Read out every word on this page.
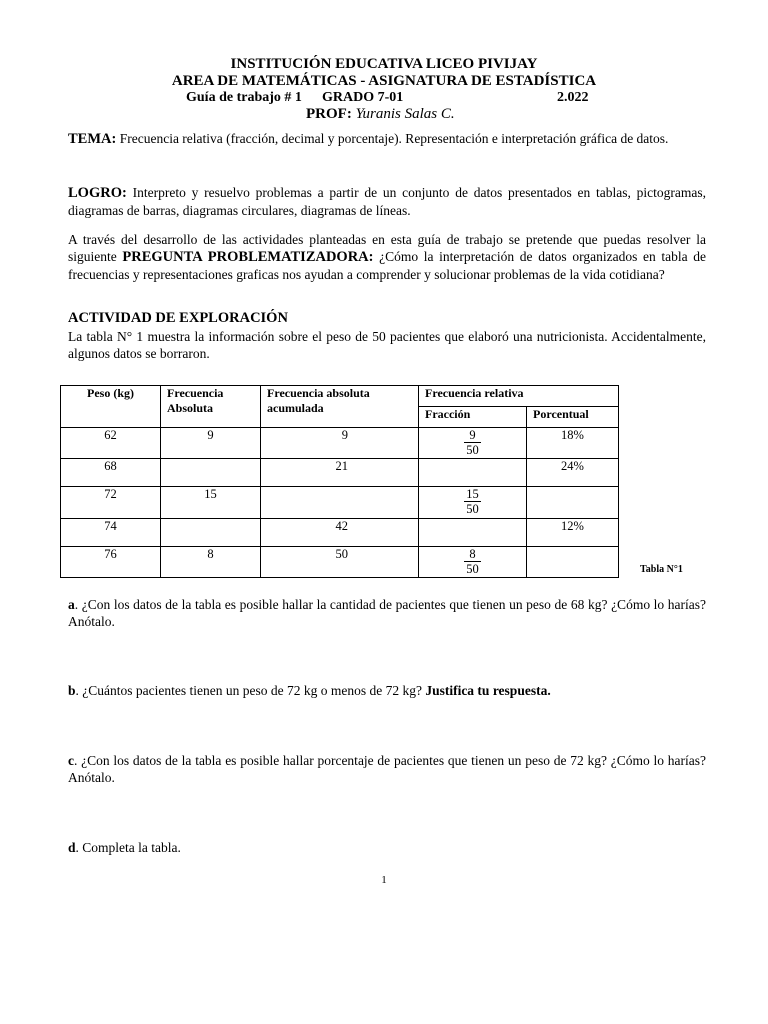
INSTITUCIÓN EDUCATIVA LICEO PIVIJAY
AREA DE MATEMÁTICAS - ASIGNATURA DE ESTADÍSTICA
Guía de trabajo # 1 GRADO 7-01	2.022
PROF: Yuranis Salas C.
TEMA: Frecuencia relativa (fracción, decimal y porcentaje). Representación e interpretación gráfica de datos.
LOGRO: Interpreto y resuelvo problemas a partir de un conjunto de datos presentados en tablas, pictogramas, diagramas de barras, diagramas circulares, diagramas de líneas.
A través del desarrollo de las actividades planteadas en esta guía de trabajo se pretende que puedas resolver la siguiente PREGUNTA PROBLEMATIZADORA: ¿Cómo la interpretación de datos organizados en tabla de frecuencias y representaciones graficas nos ayudan a comprender y solucionar problemas de la vida cotidiana?
ACTIVIDAD DE EXPLORACIÓN
La tabla N° 1 muestra la información sobre el peso de 50 pacientes que elaboró una nutricionista. Accidentalmente, algunos datos se borraron.
Peso (kg)	Frecuencia Absoluta	Frecuencia absoluta acumulada	Frecuencia relativa	
			Fracción	Porcentual
62	9	9	$\frac{9}{50}$	18%
68		21		24%
72	15		$\frac{15}{50}$

74		42		12%
76	8	50	$\frac{8}{50}$
		Tabla N°1
a. ¿Con los datos de la tabla es posible hallar la cantidad de pacientes que tienen un peso de 68 kg? ¿Cómo lo harías? Anótalo.
b. ¿Cuántos pacientes tienen un peso de 72 kg o menos de 72 kg? Justifica tu respuesta.
c. ¿Con los datos de la tabla es posible hallar porcentaje de pacientes que tienen un peso de 72 kg? ¿Cómo lo harías? Anótalo.
d. Completa la tabla.
1
